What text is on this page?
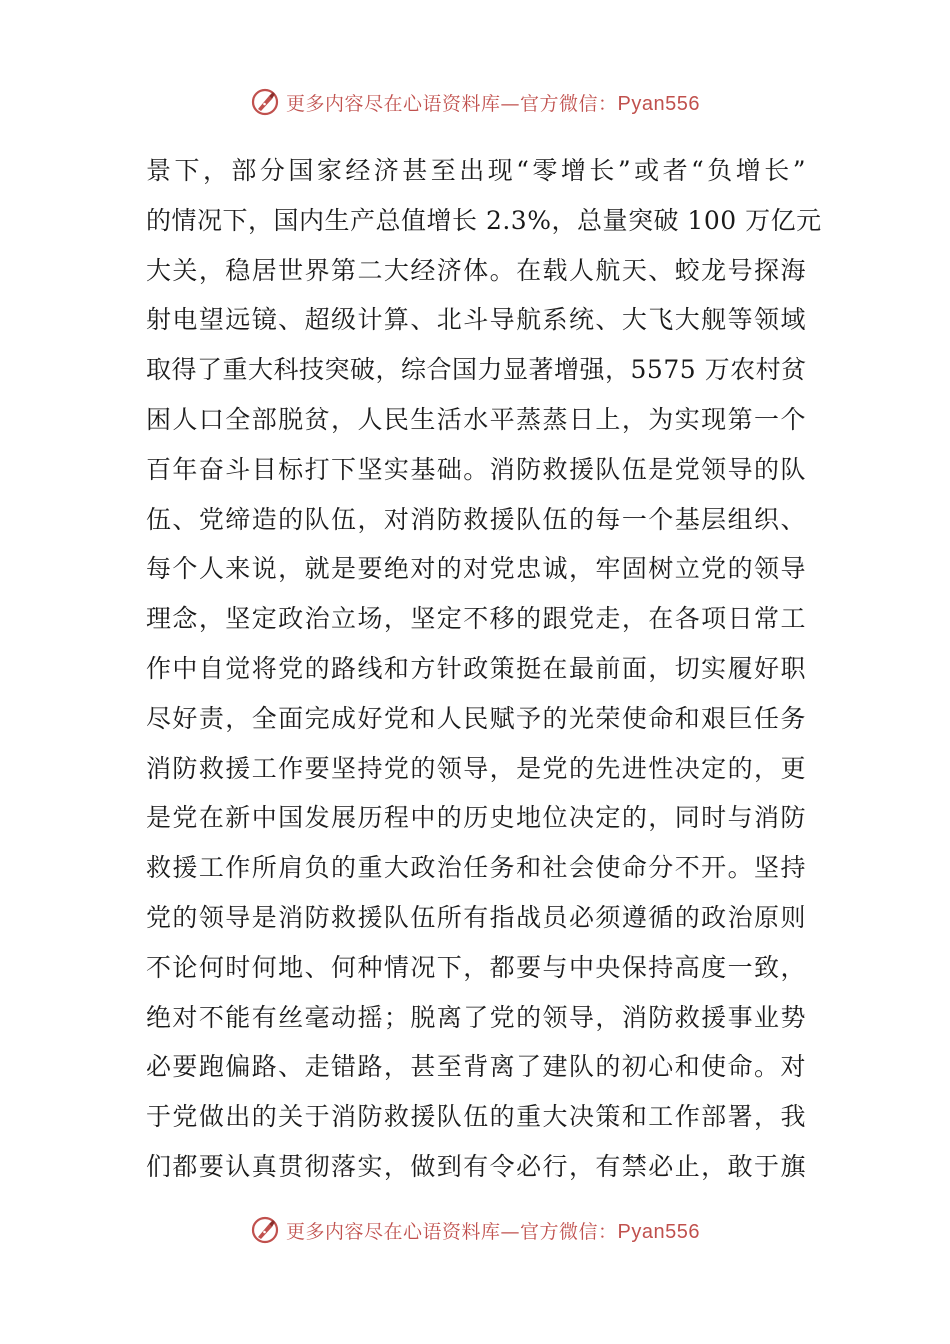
更多内容尽在心语资料库—官方微信：Pyan556
景下，部分国家经济甚至出现“零增长”或者“负增长”
的情况下，国内生产总值增长 2.3%，总量突破 100 万亿元
大关，稳居世界第二大经济体。在载人航天、蛟龙号探海
射电望远镜、超级计算、北斗导航系统、大飞大舰等领域
取得了重大科技突破，综合国力显著增强，5575 万农村贫
困人口全部脱贫，人民生活水平蒸蒸日上，为实现第一个
百年奋斗目标打下坚实基础。消防救援队伍是党领导的队
伍、党缔造的队伍，对消防救援队伍的每一个基层组织、
每个人来说，就是要绝对的对党忠诚，牢固树立党的领导
理念，坚定政治立场，坚定不移的跟党走，在各项日常工
作中自觉将党的路线和方针政策挺在最前面，切实履好职
尽好责，全面完成好党和人民赋予的光荣使命和艰巨任务
消防救援工作要坚持党的领导，是党的先进性决定的，更
是党在新中国发展历程中的历史地位决定的，同时与消防
救援工作所肩负的重大政治任务和社会使命分不开。坚持
党的领导是消防救援队伍所有指战员必须遵循的政治原则
不论何时何地、何种情况下，都要与中央保持高度一致，
绝对不能有丝毫动摇；脱离了党的领导，消防救援事业势
必要跑偏路、走错路，甚至背离了建队的初心和使命。对
于党做出的关于消防救援队伍的重大决策和工作部署，我
们都要认真贯彻落实，做到有令必行，有禁必止，敢于旗
更多内容尽在心语资料库—官方微信：Pyan556
